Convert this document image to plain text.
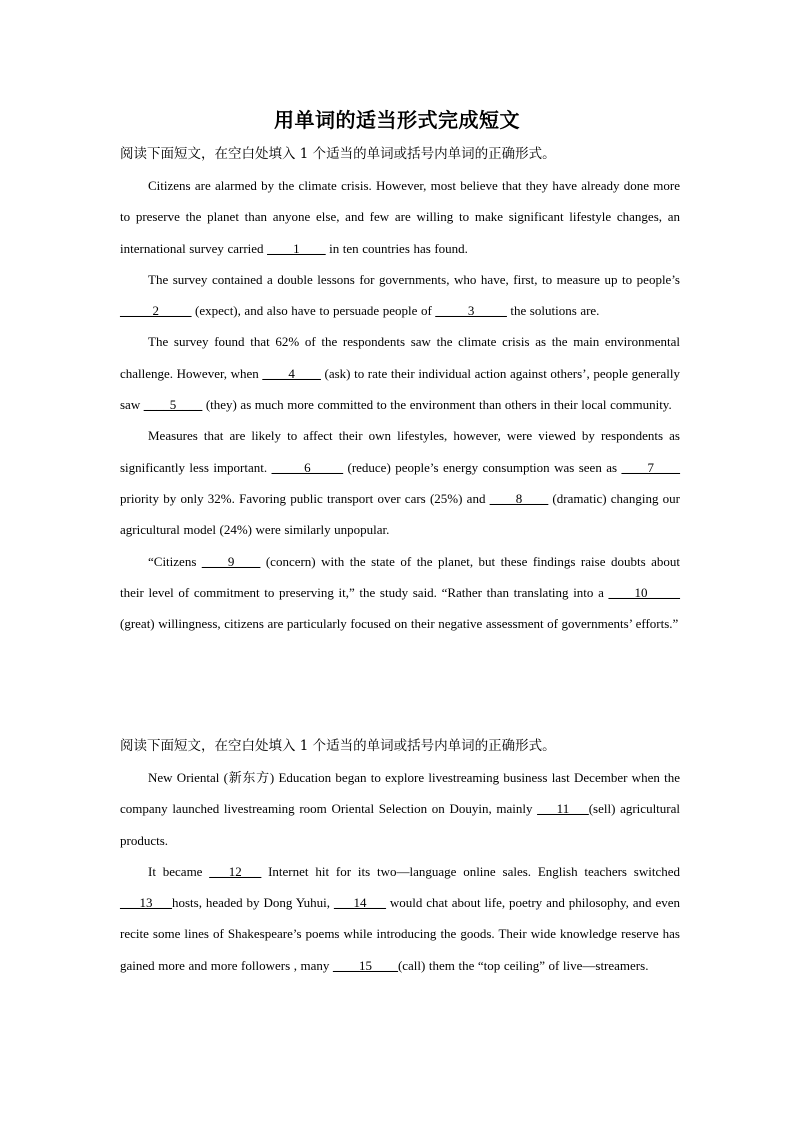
用单词的适当形式完成短文
阅读下面短文，在空白处填入 1 个适当的单词或括号内单词的正确形式。

Citizens are alarmed by the climate crisis. However, most believe that they have already done more to preserve the planet than anyone else, and few are willing to make significant lifestyle changes, an international survey carried ____1____ in ten countries has found.

The survey contained a double lessons for governments, who have, first, to measure up to people’s _____2_____ (expect), and also have to persuade people of _____3_____ the solutions are.

The survey found that 62% of the respondents saw the climate crisis as the main environmental challenge. However, when ____4____ (ask) to rate their individual action against others’, people generally saw ____5____ (they) as much more committed to the environment than others in their local community.

Measures that are likely to affect their own lifestyles, however, were viewed by respondents as significantly less important. _____6_____ (reduce) people’s energy consumption was seen as ____7____ priority by only 32%. Favoring public transport over cars (25%) and ____8____ (dramatic) changing our agricultural model (24%) were similarly unpopular.

“Citizens ____9____ (concern) with the state of the planet, but these findings raise doubts about their level of commitment to preserving it,” the study said. “Rather than translating into a ____10_____ (great) willingness, citizens are particularly focused on their negative assessment of governments’ efforts.”

阅读下面短文，在空白处填入 1 个适当的单词或括号内单词的正确形式。

New Oriental (新东方) Education began to explore livestreaming business last December when the company launched livestreaming room Oriental Selection on Douyin, mainly ___11___(sell) agricultural products.

It became ___12___ Internet hit for its two—language online sales. English teachers switched ___13___hosts, headed by Dong Yuhui, ___14___ would chat about life, poetry and philosophy, and even recite some lines of Shakespeare’s poems while introducing the goods. Their wide knowledge reserve has gained more and more followers , many ____15____(call) them the “top ceiling” of live—streamers.
